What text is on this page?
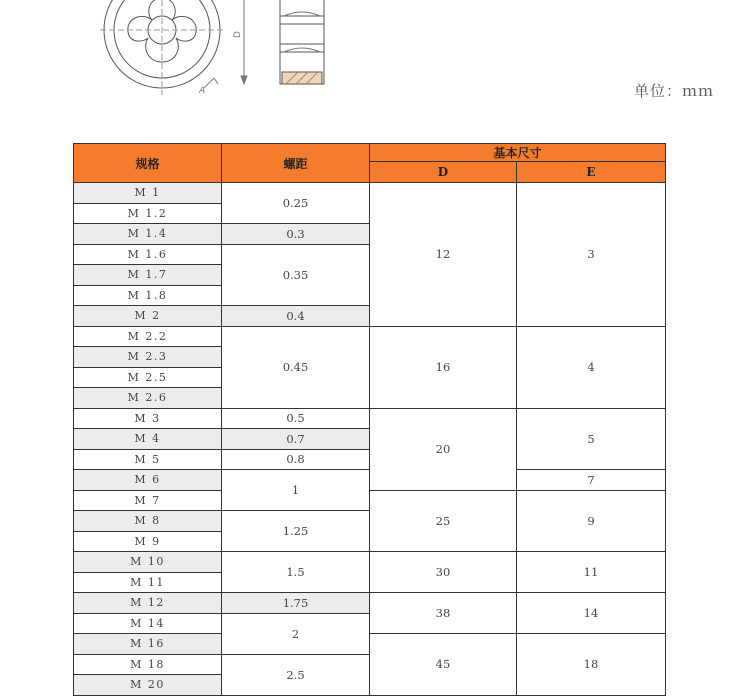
A
D
单位：ｍｍ
规格	螺距	基本尺寸	
		D	E
M 1	0.25	12	3
M 1.2			
M 1.4	0.3		
M 1.6	0.35		
M 1.7			
M 1.8			
M 2	0.4		
M 2.2	0.45	16	4
M 2.3			
M 2.5			
M 2.6			
M 3	0.5	20	5
M 4	0.7		
M 5	0.8		
M 6	1		7
M 7		25	9
M 8	1.25		
M 9			
M 10	1.5	30	11
M 11			
M 12	1.75	38	14
M 14	2		
M 16		45	18
M 18	2.5		
M 20			
